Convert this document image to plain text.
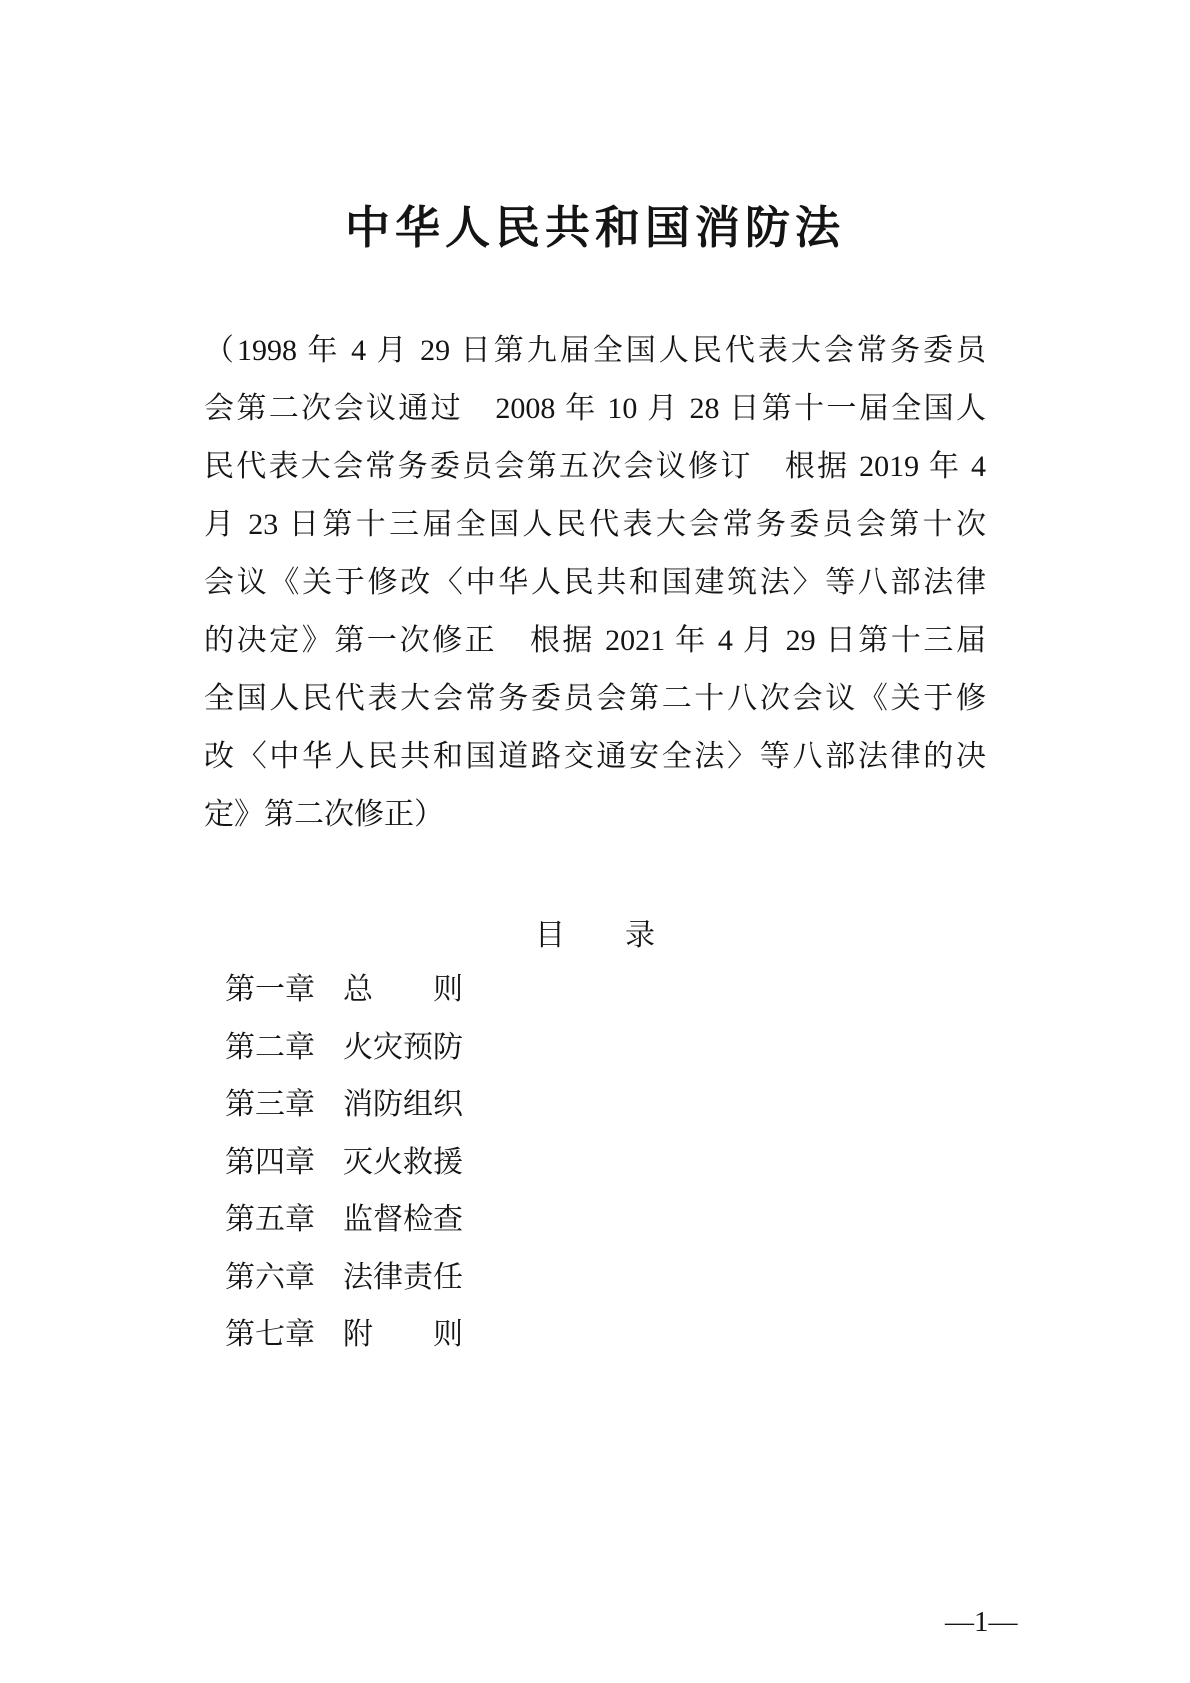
中华人民共和国消防法
（1998 年 4 月 29 日第九届全国人民代表大会常务委员
会第二次会议通过　2008 年 10 月 28 日第十一届全国人
民代表大会常务委员会第五次会议修订　根据 2019 年 4
月 23 日第十三届全国人民代表大会常务委员会第十次
会议《关于修改〈中华人民共和国建筑法〉等八部法律
的决定》第一次修正　根据 2021 年 4 月 29 日第十三届
全国人民代表大会常务委员会第二十八次会议《关于修
改〈中华人民共和国道路交通安全法〉等八部法律的决
定》第二次修正）
目　　录
第一章 总　　则
第二章 火灾预防
第三章 消防组织
第四章 灭火救援
第五章 监督检查
第六章 法律责任
第七章 附　　则
—1—
